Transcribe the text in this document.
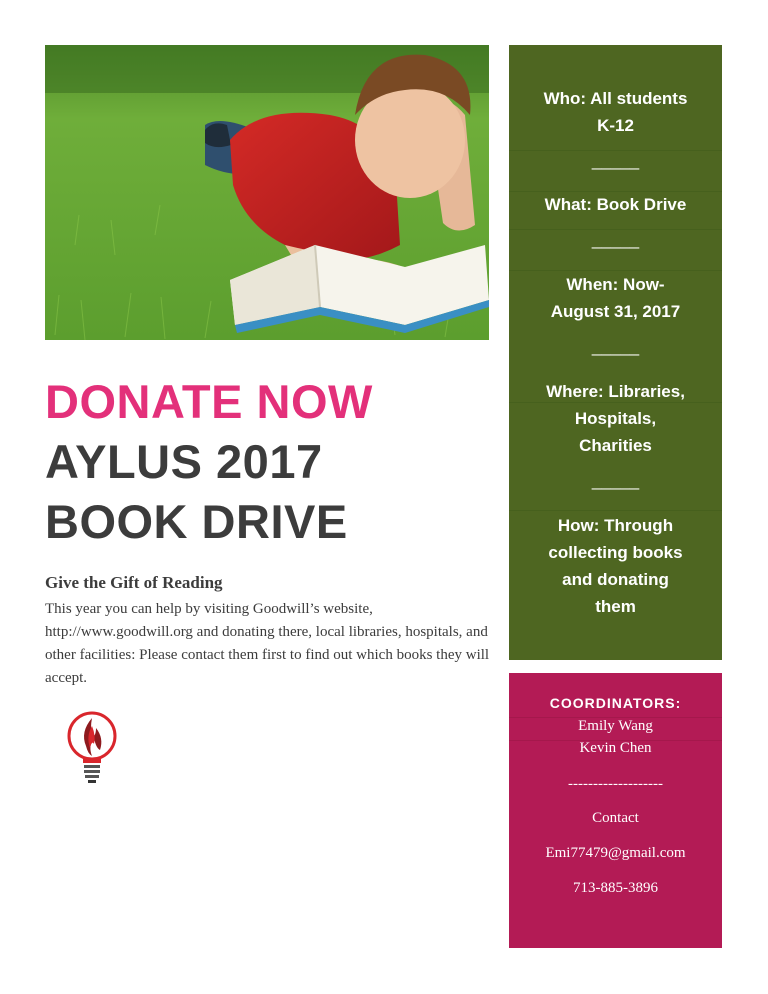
DONATE NOW
AYLUS 2017
BOOK DRIVE
Give the Gift of Reading
This year you can help by visiting Goodwill’s website, http://www.goodwill.org and donating there, local libraries, hospitals, and other facilities: Please contact them first to find out which books they will accept.
Who: All students
K-12
_____
What: Book Drive
_____
When: Now-
August 31, 2017
_____
Where: Libraries,
Hospitals,
Charities
_____
How: Through
collecting books
and donating
them
COORDINATORS:
Emily Wang
Kevin Chen
-------------------
Contact
Emi77479@gmail.com
713-885-3896
